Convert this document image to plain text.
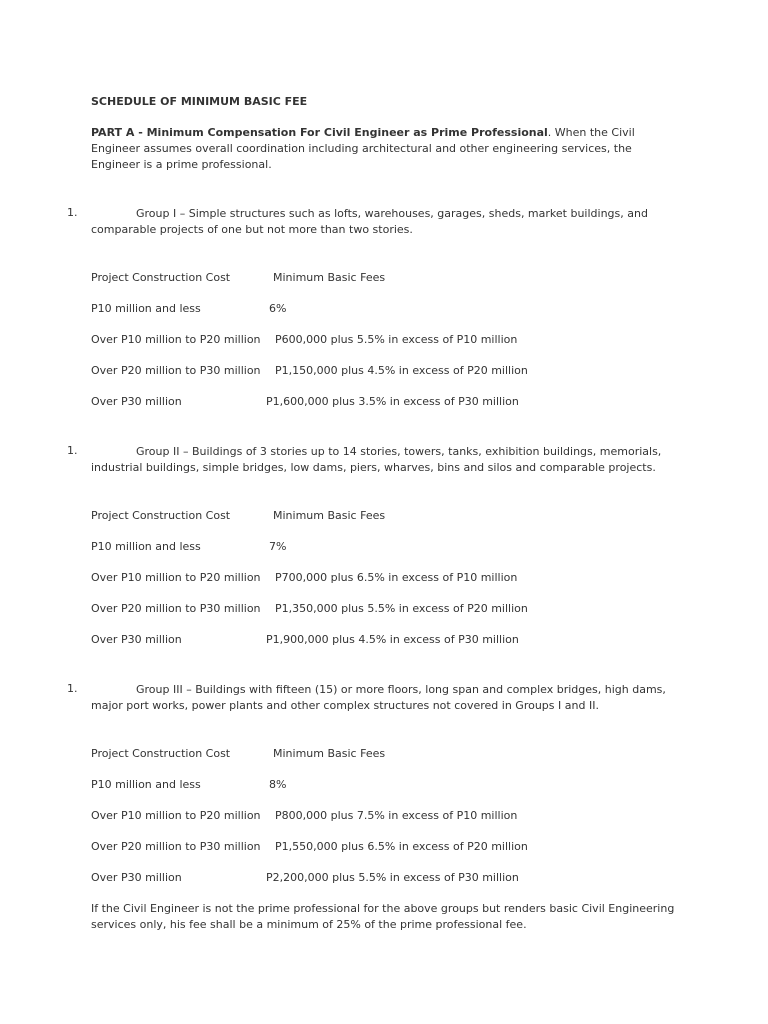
SCHEDULE OF MINIMUM BASIC FEE
PART A - Minimum Compensation For Civil Engineer as Prime Professional. When the Civil Engineer assumes overall coordination including architectural and other engineering services, the Engineer is a prime professional.
1.	Group I – Simple structures such as lofts, warehouses, garages, sheds, market buildings, and comparable projects of one but not more than two stories.
Project Construction Cost	Minimum Basic Fees
P10 million and less	6%
Over P10 million to P20 million P600,000 plus 5.5% in excess of P10 million
Over P20 million to P30 million P1,150,000 plus 4.5% in excess of P20 million
Over P30 million	P1,600,000 plus 3.5% in excess of P30 million
1.	Group II – Buildings of 3 stories up to 14 stories, towers, tanks, exhibition buildings, memorials, industrial buildings, simple bridges, low dams, piers, wharves, bins and silos and comparable projects.
Project Construction Cost	Minimum Basic Fees
P10 million and less	7%
Over P10 million to P20 million P700,000 plus 6.5% in excess of P10 million
Over P20 million to P30 million P1,350,000 plus 5.5% in excess of P20 million
Over P30 million	P1,900,000 plus 4.5% in excess of P30 million
1.	Group III – Buildings with fifteen (15) or more floors, long span and complex bridges, high dams, major port works, power plants and other complex structures not covered in Groups I and II.
Project Construction Cost	Minimum Basic Fees
P10 million and less	8%
Over P10 million to P20 million P800,000 plus 7.5% in excess of P10 million
Over P20 million to P30 million P1,550,000 plus 6.5% in excess of P20 million
Over P30 million	P2,200,000 plus 5.5% in excess of P30 million
If the Civil Engineer is not the prime professional for the above groups but renders basic Civil Engineering services only, his fee shall be a minimum of 25% of the prime professional fee.
